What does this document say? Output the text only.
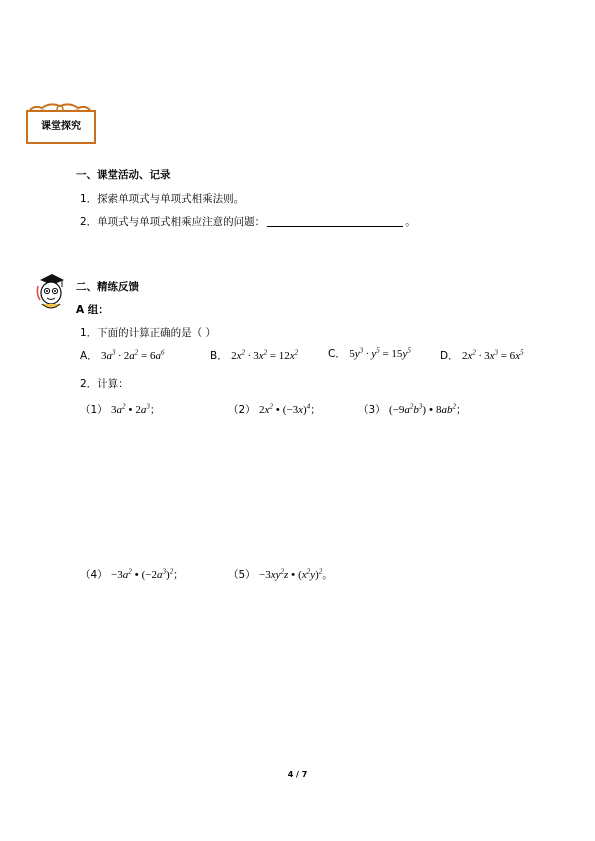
课堂探究
一、课堂活动、记录
1．探索单项式与单项式相乘法则。
2．单项式与单项式相乘应注意的问题：	。
二、精练反馈
A 组：
1．下面的计算正确的是（ ）
A． $3a^3 \cdot 2a^2 = 6a^6$	B． $2x^2 \cdot 3x^2 = 12x^2$	C． $5y^3 \cdot y^5 = 15y^5$	D． $2x^2 \cdot 3x^3 = 6x^5$
2．计算：
（1） $3a^2$ • $2a^3$；	（2） $2x^2$ • $(-3x)^4$；	（3） $(-9a^2b^3)$ • $8ab^2$；
$(4) -3a^2$ • $(-2a^3)^2$；	$(5) -3xy^2z$ • $(x^2y)^2$。
4 / 7
